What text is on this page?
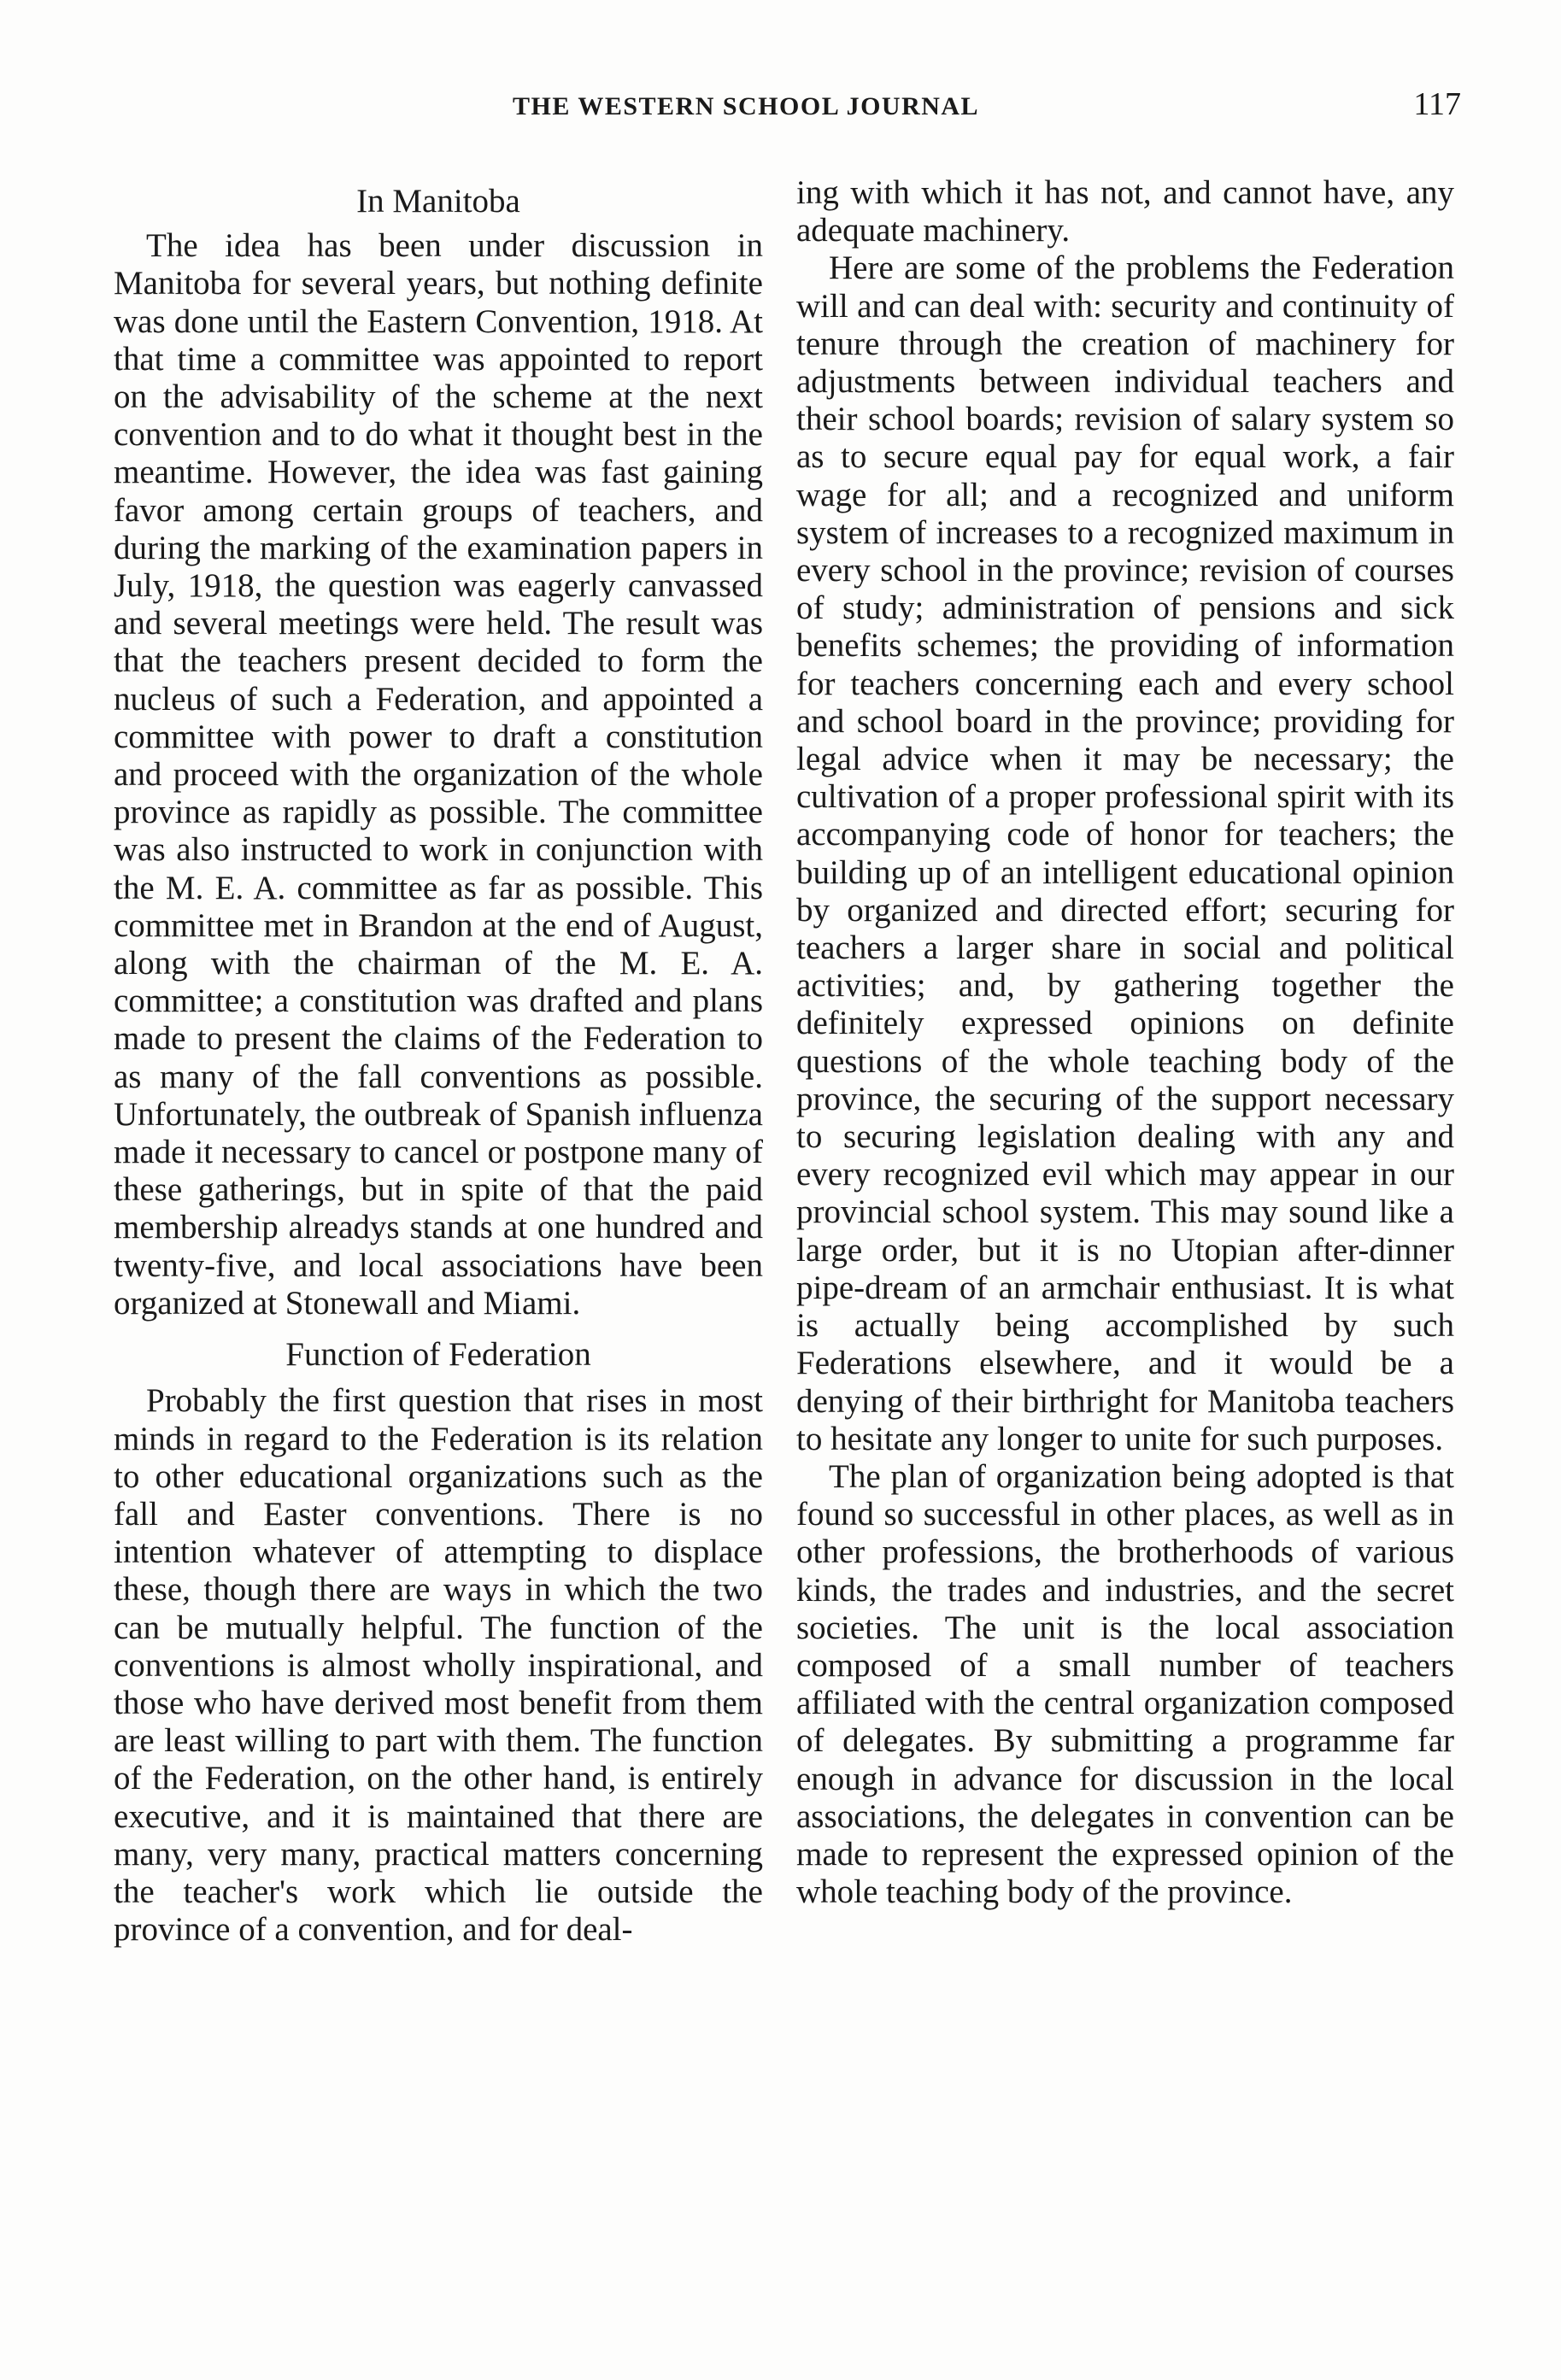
THE WESTERN SCHOOL JOURNAL	117
In Manitoba

The idea has been under discussion in Manitoba for several years, but nothing definite was done until the Eastern Convention, 1918. At that time a committee was appointed to report on the advisability of the scheme at the next convention and to do what it thought best in the meantime. However, the idea was fast gaining favor among certain groups of teachers, and during the marking of the examination papers in July, 1918, the question was eagerly canvassed and several meetings were held. The result was that the teachers present decided to form the nucleus of such a Federation, and appointed a committee with power to draft a constitution and proceed with the organization of the whole province as rapidly as possible. The committee was also instructed to work in conjunction with the M. E. A. committee as far as possible. This committee met in Brandon at the end of August, along with the chairman of the M. E. A. committee; a constitution was drafted and plans made to present the claims of the Federation to as many of the fall conventions as possible. Unfortunately, the outbreak of Spanish influenza made it necessary to cancel or postpone many of these gatherings, but in spite of that the paid membership alreadys stands at one hundred and twenty-five, and local associations have been organized at Stonewall and Miami.

Function of Federation

Probably the first question that rises in most minds in regard to the Federation is its relation to other educational organizations such as the fall and Easter conventions. There is no intention whatever of attempting to displace these, though there are ways in which the two can be mutually helpful. The function of the conventions is almost wholly inspirational, and those who have derived most benefit from them are least willing to part with them. The function of the Federation, on the other hand, is entirely executive, and it is maintained that there are many, very many, practical matters concerning the teacher's work which lie outside the province of a convention, and for deal-

ing with which it has not, and cannot have, any adequate machinery.

Here are some of the problems the Federation will and can deal with: security and continuity of tenure through the creation of machinery for adjustments between individual teachers and their school boards; revision of salary system so as to secure equal pay for equal work, a fair wage for all; and a recognized and uniform system of increases to a recognized maximum in every school in the province; revision of courses of study; administration of pensions and sick benefits schemes; the providing of information for teachers concerning each and every school and school board in the province; providing for legal advice when it may be necessary; the cultivation of a proper professional spirit with its accompanying code of honor for teachers; the building up of an intelligent educational opinion by organized and directed effort; securing for teachers a larger share in social and political activities; and, by gathering together the definitely expressed opinions on definite questions of the whole teaching body of the province, the securing of the support necessary to securing legislation dealing with any and every recognized evil which may appear in our provincial school system. This may sound like a large order, but it is no Utopian after-dinner pipe-dream of an armchair enthusiast. It is what is actually being accomplished by such Federations elsewhere, and it would be a denying of their birthright for Manitoba teachers to hesitate any longer to unite for such purposes.

The plan of organization being adopted is that found so successful in other places, as well as in other professions, the brotherhoods of various kinds, the trades and industries, and the secret societies. The unit is the local association composed of a small number of teachers affiliated with the central organization composed of delegates. By submitting a programme far enough in advance for discussion in the local associations, the delegates in convention can be made to represent the expressed opinion of the whole teaching body of the province.
